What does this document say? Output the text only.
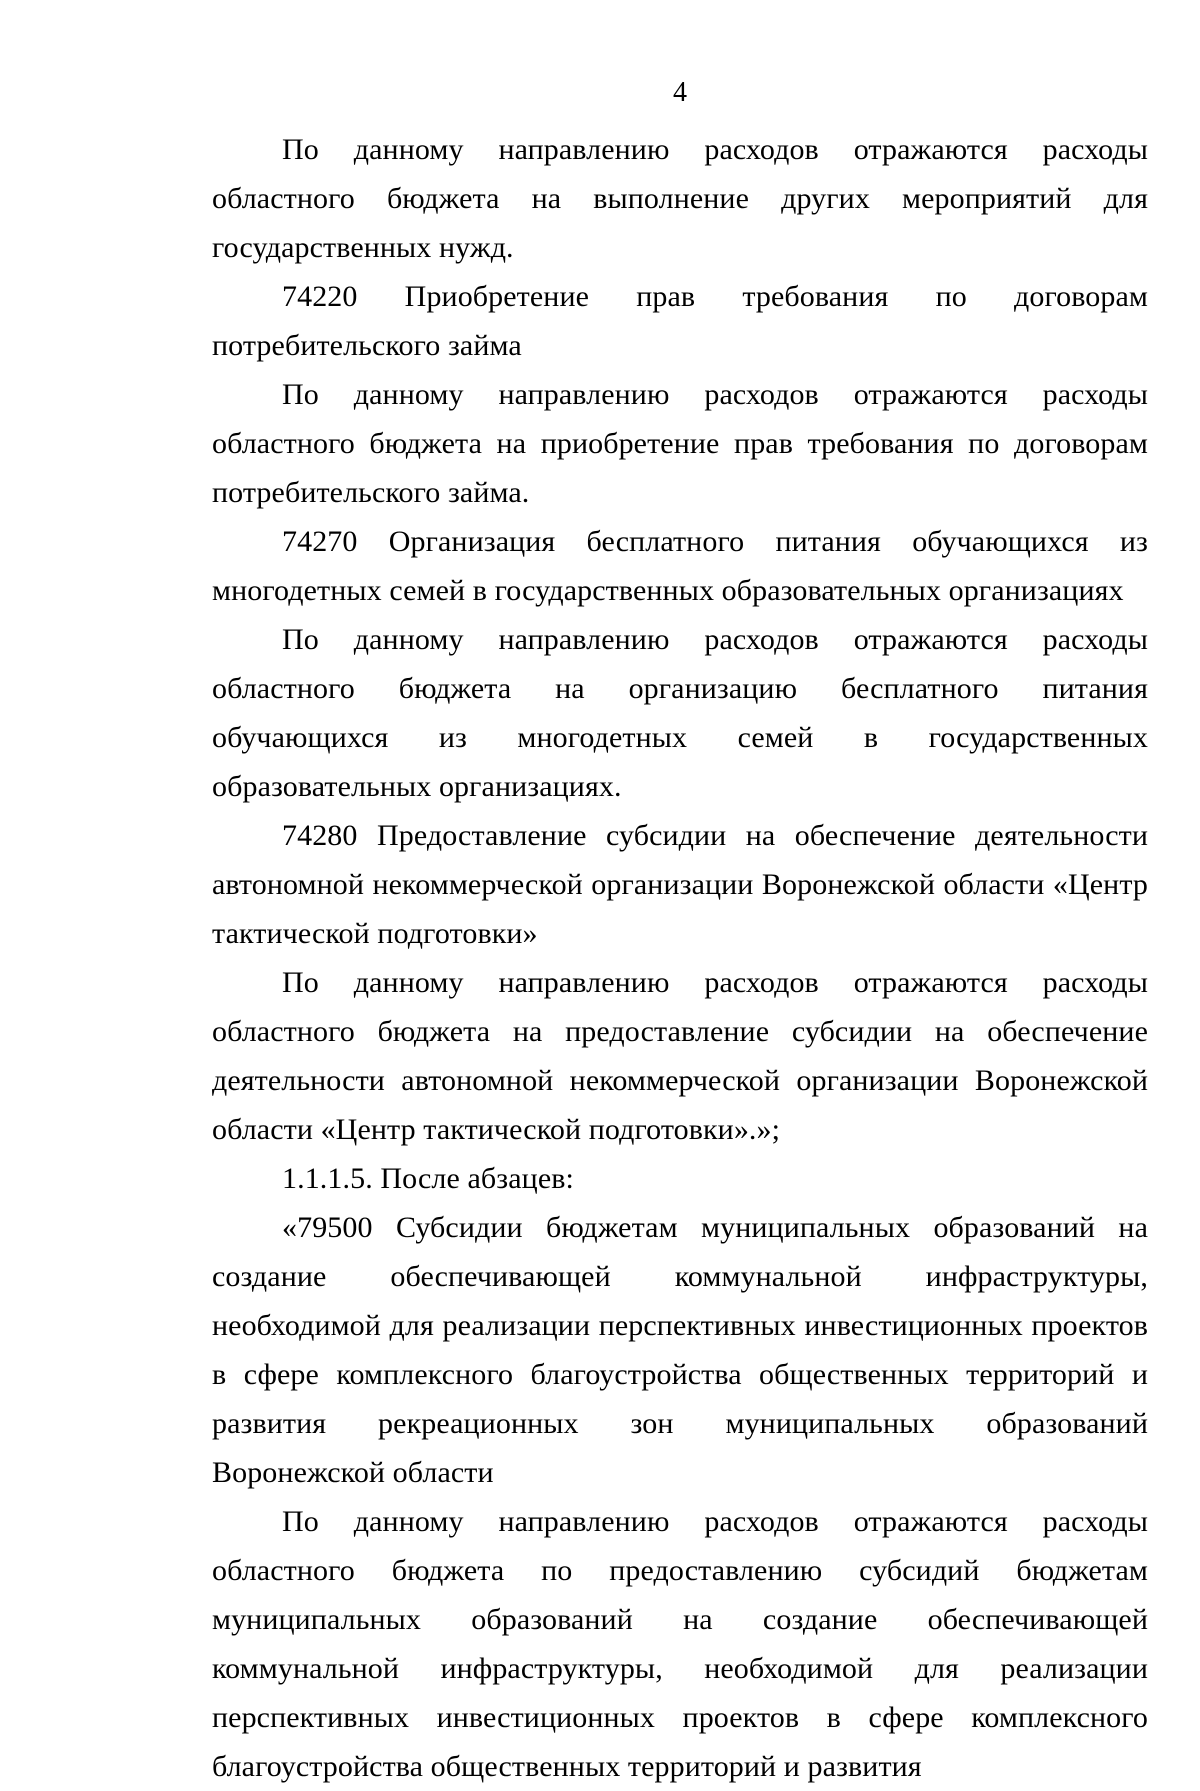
4

По данному направлению расходов отражаются расходы областного бюджета на выполнение других мероприятий для государственных нужд.

74220 Приобретение прав требования по договорам потребительского займа

По данному направлению расходов отражаются расходы областного бюджета на приобретение прав требования по договорам потребительского займа.

74270 Организация бесплатного питания обучающихся из многодетных семей в государственных образовательных организациях

По данному направлению расходов отражаются расходы областного бюджета на организацию бесплатного питания обучающихся из многодетных семей в государственных образовательных организациях.

74280 Предоставление субсидии на обеспечение деятельности автономной некоммерческой организации Воронежской области «Центр тактической подготовки»

По данному направлению расходов отражаются расходы областного бюджета на предоставление субсидии на обеспечение деятельности автономной некоммерческой организации Воронежской области «Центр тактической подготовки».»;

1.1.1.5. После абзацев:

«79500 Субсидии бюджетам муниципальных образований на создание обеспечивающей коммунальной инфраструктуры, необходимой для реализации перспективных инвестиционных проектов в сфере комплексного благоустройства общественных территорий и развития рекреационных зон муниципальных образований Воронежской области

По данному направлению расходов отражаются расходы областного бюджета по предоставлению субсидий бюджетам муниципальных образований на создание обеспечивающей коммунальной инфраструктуры, необходимой для реализации перспективных инвестиционных проектов в сфере комплексного благоустройства общественных территорий и развития
